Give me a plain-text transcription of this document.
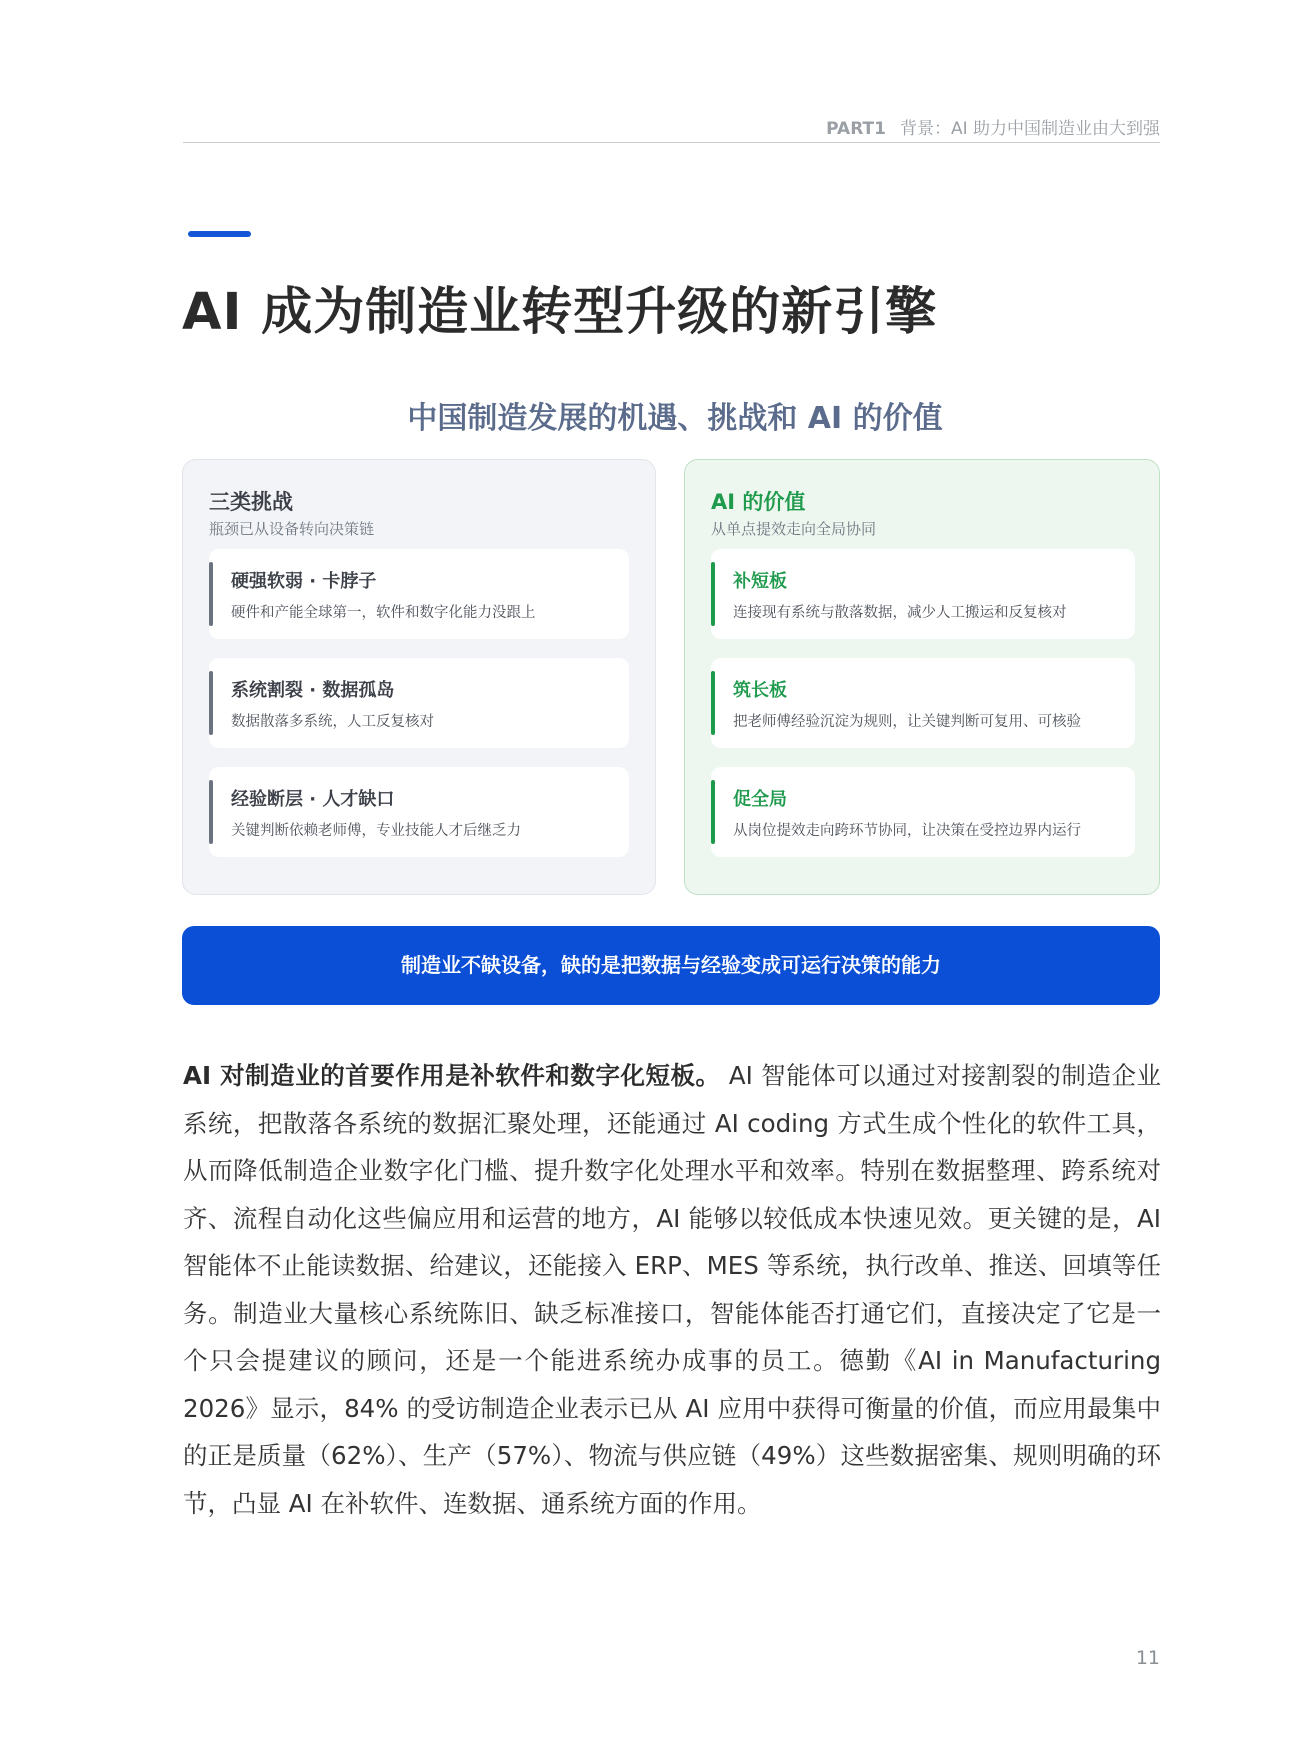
PART1 背景：AI 助力中国制造业由大到强
AI 成为制造业转型升级的新引擎
中国制造发展的机遇、挑战和 AI 的价值
三类挑战
瓶颈已从设备转向决策链
硬强软弱 · 卡脖子
硬件和产能全球第一，软件和数字化能力没跟上
系统割裂 · 数据孤岛
数据散落多系统，人工反复核对
经验断层 · 人才缺口
关键判断依赖老师傅，专业技能人才后继乏力
AI 的价值
从单点提效走向全局协同
补短板
连接现有系统与散落数据，减少人工搬运和反复核对
筑长板
把老师傅经验沉淀为规则，让关键判断可复用、可核验
促全局
从岗位提效走向跨环节协同，让决策在受控边界内运行
制造业不缺设备，缺的是把数据与经验变成可运行决策的能力
AI 对制造业的首要作用是补软件和数字化短板。 AI 智能体可以通过对接割裂的制造企业系统，把散落各系统的数据汇聚处理，还能通过 AI coding 方式生成个性化的软件工具，从而降低制造企业数字化门槛、提升数字化处理水平和效率。特别在数据整理、跨系统对齐、流程自动化这些偏应用和运营的地方，AI 能够以较低成本快速见效。更关键的是，AI 智能体不止能读数据、给建议，还能接入 ERP、MES 等系统，执行改单、推送、回填等任务。制造业大量核心系统陈旧、缺乏标准接口，智能体能否打通它们，直接决定了它是一个只会提建议的顾问，还是一个能进系统办成事的员工。德勤《AI in Manufacturing 2026》显示，84% 的受访制造企业表示已从 AI 应用中获得可衡量的价值，而应用最集中的正是质量（62%）、生产（57%）、物流与供应链（49%）这些数据密集、规则明确的环节，凸显 AI 在补软件、连数据、通系统方面的作用。
11
